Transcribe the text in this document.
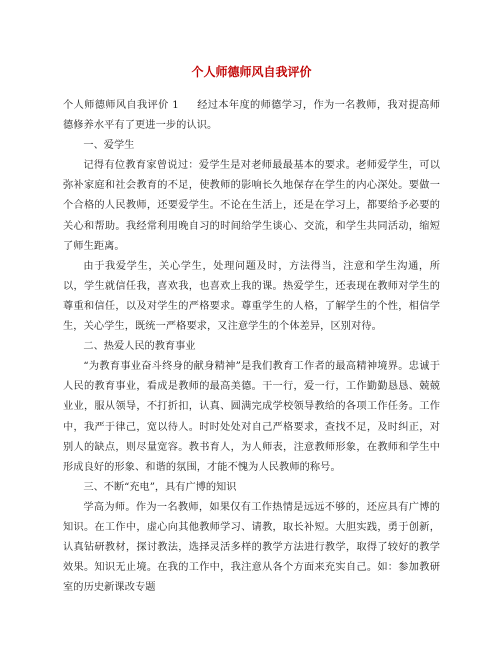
个人师德师风自我评价

个人师德师风自我评价 1 经过本年度的师德学习，作为一名教师，我对提高师德修养水平有了更进一步的认识。

一、爱学生

记得有位教育家曾说过：爱学生是对老师最最基本的要求。老师爱学生，可以弥补家庭和社会教育的不足，使教师的影响长久地保存在学生的内心深处。要做一个合格的人民教师，还要爱学生。不论在生活上，还是在学习上，都要给予必要的关心和帮助。我经常利用晚自习的时间给学生谈心、交流，和学生共同活动，缩短了师生距离。

由于我爱学生，关心学生，处理问题及时，方法得当，注意和学生沟通，所以，学生就信任我，喜欢我，也喜欢上我的课。热爱学生，还表现在教师对学生的尊重和信任，以及对学生的严格要求。尊重学生的人格，了解学生的个性，相信学生，关心学生，既统一严格要求，又注意学生的个体差异，区别对待。

二、热爱人民的教育事业

“为教育事业奋斗终身的献身精神”是我们教育工作者的最高精神境界。忠诚于人民的教育事业，看成是教师的最高美德。干一行，爱一行，工作勤勤恳恳、兢兢业业，服从领导，不打折扣，认真、圆满完成学校领导教给的各项工作任务。工作中，我严于律己，宽以待人。时时处处对自己严格要求，查找不足，及时纠正，对别人的缺点，则尽量宽容。教书育人，为人师表，注意教师形象，在教师和学生中形成良好的形象、和谐的氛围，才能不愧为人民教师的称号。

三、不断“充电”，具有广博的知识

学高为师。作为一名教师，如果仅有工作热情是远远不够的，还应具有广博的知识。在工作中，虚心向其他教师学习、请教，取长补短。大胆实践，勇于创新，认真钻研教材，探讨教法，选择灵活多样的教学方法进行教学，取得了较好的教学效果。知识无止境。在我的工作中，我注意从各个方面来充实自己。如：参加教研室的历史新课改专题
